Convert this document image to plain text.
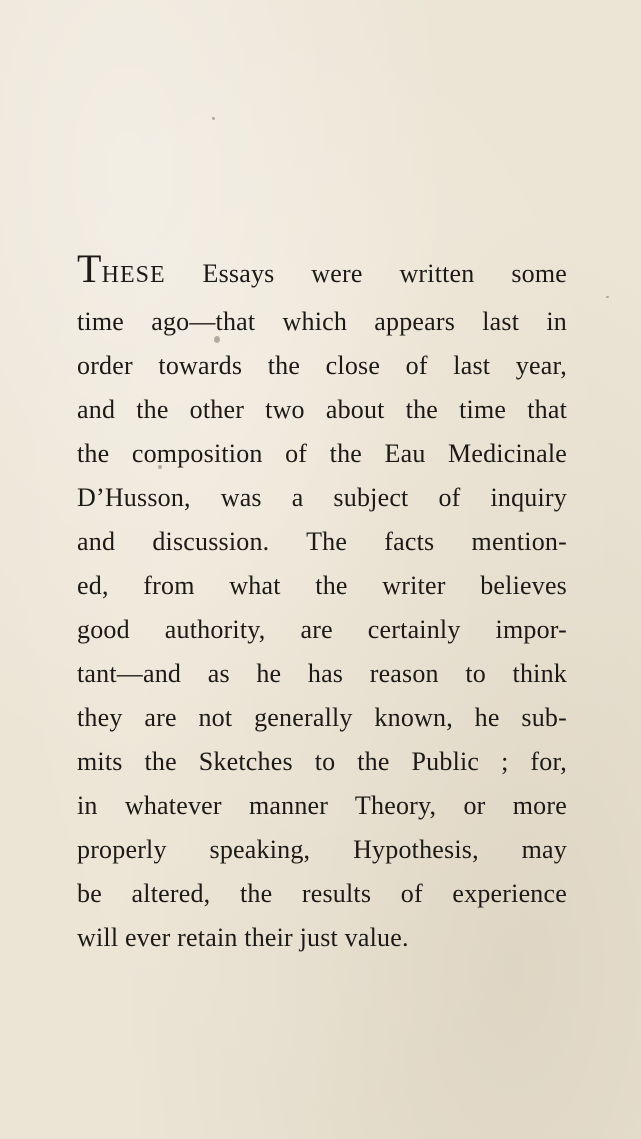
THESE Essays were written some
time ago—that which appears last in
order towards the close of last year,
and the other two about the time that
the composition of the Eau Medicinale
D’Husson, was a subject of inquiry
and discussion. The facts mention-
ed, from what the writer believes
good authority, are certainly impor-
tant—and as he has reason to think
they are not generally known, he sub-
mits the Sketches to the Public ; for,
in whatever manner Theory, or more
properly speaking, Hypothesis, may
be altered, the results of experience
will ever retain their just value.
